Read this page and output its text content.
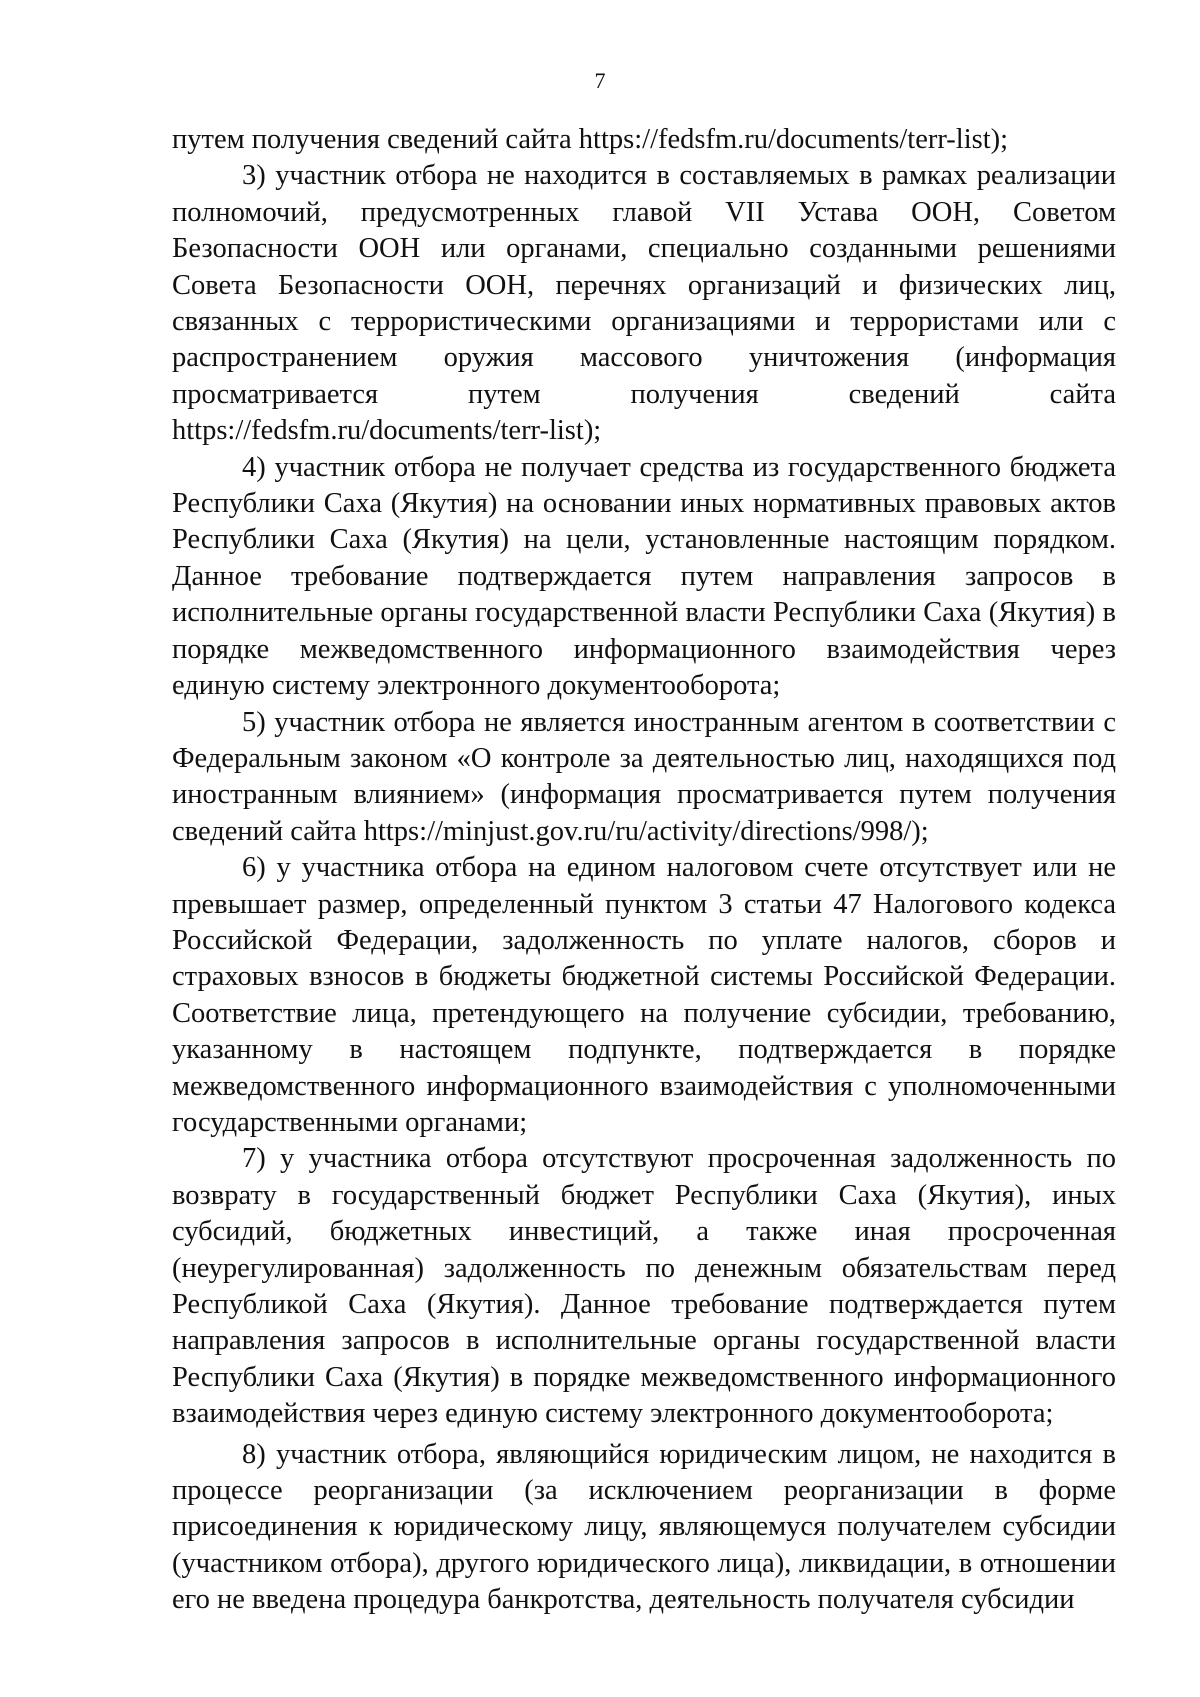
7

путем получения сведений сайта https://fedsfm.ru/documents/terr-list);

3) участник отбора не находится в составляемых в рамках реализации полномочий, предусмотренных главой VII Устава ООН, Советом Безопасности ООН или органами, специально созданными решениями Совета Безопасности ООН, перечнях организаций и физических лиц, связанных с террористическими организациями и террористами или с распространением оружия массового уничтожения (информация просматривается путем получения сведений сайта https://fedsfm.ru/documents/terr-list);

4) участник отбора не получает средства из государственного бюджета Республики Саха (Якутия) на основании иных нормативных правовых актов Республики Саха (Якутия) на цели, установленные настоящим порядком. Данное требование подтверждается путем направления запросов в исполнительные органы государственной власти Республики Саха (Якутия) в порядке межведомственного информационного взаимодействия через единую систему электронного документооборота;

5) участник отбора не является иностранным агентом в соответствии с Федеральным законом «О контроле за деятельностью лиц, находящихся под иностранным влиянием» (информация просматривается путем получения сведений сайта https://minjust.gov.ru/ru/activity/directions/998/);

6) у участника отбора на едином налоговом счете отсутствует или не превышает размер, определенный пунктом 3 статьи 47 Налогового кодекса Российской Федерации, задолженность по уплате налогов, сборов и страховых взносов в бюджеты бюджетной системы Российской Федерации. Соответствие лица, претендующего на получение субсидии, требованию, указанному в настоящем подпункте, подтверждается в порядке межведомственного информационного взаимодействия с уполномоченными государственными органами;

7) у участника отбора отсутствуют просроченная задолженность по возврату в государственный бюджет Республики Саха (Якутия), иных субсидий, бюджетных инвестиций, а также иная просроченная (неурегулированная) задолженность по денежным обязательствам перед Республикой Саха (Якутия). Данное требование подтверждается путем направления запросов в исполнительные органы государственной власти Республики Саха (Якутия) в порядке межведомственного информационного взаимодействия через единую систему электронного документооборота;

8) участник отбора, являющийся юридическим лицом, не находится в процессе реорганизации (за исключением реорганизации в форме присоединения к юридическому лицу, являющемуся получателем субсидии (участником отбора), другого юридического лица), ликвидации, в отношении его не введена процедура банкротства, деятельность получателя субсидии
